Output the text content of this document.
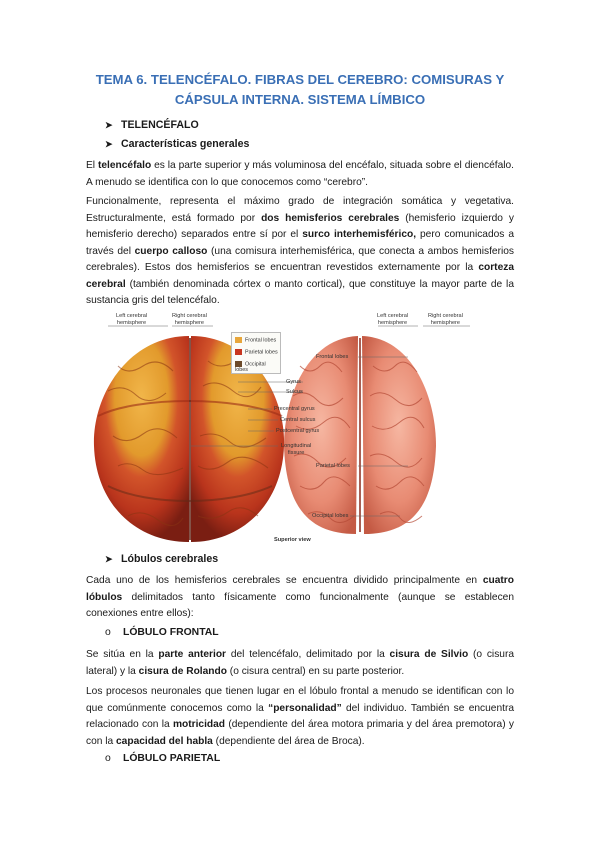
TEMA 6. TELENCÉFALO. FIBRAS DEL CEREBRO: COMISURAS Y
CÁPSULA INTERNA. SISTEMA LÍMBICO
➤ TELENCÉFALO
➤ Características generales
El telencéfalo es la parte superior y más voluminosa del encéfalo, situada sobre el diencéfalo. A menudo se identifica con lo que conocemos como “cerebro”.
Funcionalmente, representa el máximo grado de integración somática y vegetativa. Estructuralmente, está formado por dos hemisferios cerebrales (hemisferio izquierdo y hemisferio derecho) separados entre sí por el surco interhemisférico, pero comunicados a través del cuerpo calloso (una comisura interhemisférica, que conecta a ambos hemisferios cerebrales). Estos dos hemisferios se encuentran revestidos externamente por la corteza cerebral (también denominada córtex o manto cortical), que constituye la mayor parte de la sustancia gris del telencéfalo.
Left cerebral
hemisphere
Right cerebral
hemisphere
Left cerebral
hemisphere
Right cerebral
hemisphere
Frontal lobes
Parietal lobes
Occipital lobes
Gyrus
Sulcus
Precentral gyrus
Central sulcus
Postcentral gyrus
Longitudinal
fissure
Frontal lobes
Parietal lobes
Occipital lobes
Superior view
➤ Lóbulos cerebrales
Cada uno de los hemisferios cerebrales se encuentra dividido principalmente en cuatro lóbulos delimitados tanto físicamente como funcionalmente (aunque se establecen conexiones entre ellos):
o LÓBULO FRONTAL
Se sitúa en la parte anterior del telencéfalo, delimitado por la cisura de Silvio (o cisura lateral) y la cisura de Rolando (o cisura central) en su parte posterior.
Los procesos neuronales que tienen lugar en el lóbulo frontal a menudo se identifican con lo que comúnmente conocemos como la “personalidad” del individuo. También se encuentra relacionado con la motricidad (dependiente del área motora primaria y del área premotora) y con la capacidad del habla (dependiente del área de Broca).
o LÓBULO PARIETAL
